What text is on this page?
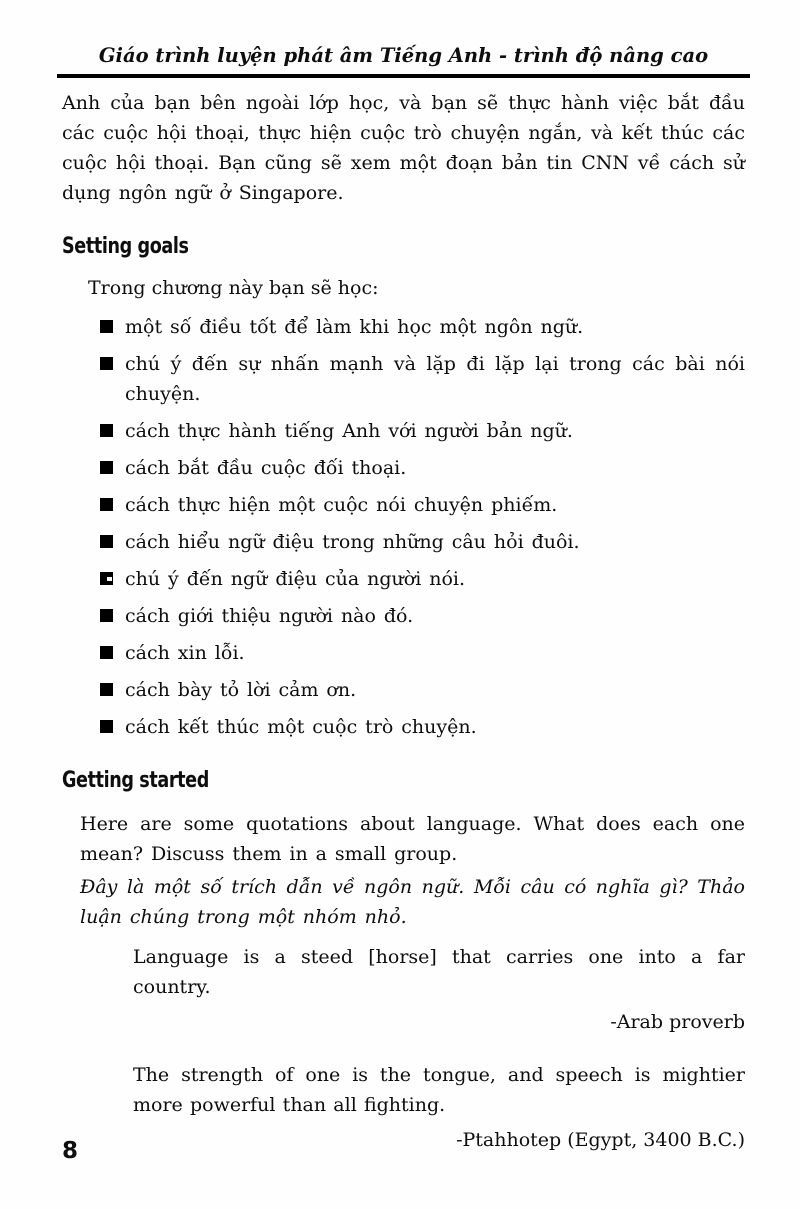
Giáo trình luyện phát âm Tiếng Anh - trình độ nâng cao

Anh của bạn bên ngoài lớp học, và bạn sẽ thực hành việc bắt đầu các cuộc hội thoại, thực hiện cuộc trò chuyện ngắn, và kết thúc các cuộc hội thoại. Bạn cũng sẽ xem một đoạn bản tin CNN về cách sử dụng ngôn ngữ ở Singapore.

Setting goals

Trong chương này bạn sẽ học:

một số điều tốt để làm khi học một ngôn ngữ.
chú ý đến sự nhấn mạnh và lặp đi lặp lại trong các bài nói chuyện.
cách thực hành tiếng Anh với người bản ngữ.
cách bắt đầu cuộc đối thoại.
cách thực hiện một cuộc nói chuyện phiếm.
cách hiểu ngữ điệu trong những câu hỏi đuôi.
chú ý đến ngữ điệu của người nói.
cách giới thiệu người nào đó.
cách xin lỗi.
cách bày tỏ lời cảm ơn.
cách kết thúc một cuộc trò chuyện.
Getting started

Here are some quotations about language. What does each one mean? Discuss them in a small group.

Đây là một số trích dẫn về ngôn ngữ. Mỗi câu có nghĩa gì? Thảo luận chúng trong một nhóm nhỏ.

Language is a steed [horse] that carries one into a far country.

-Arab proverb

The strength of one is the tongue, and speech is mightier more powerful than all fighting.

-Ptahhotep (Egypt, 3400 B.C.)

8
